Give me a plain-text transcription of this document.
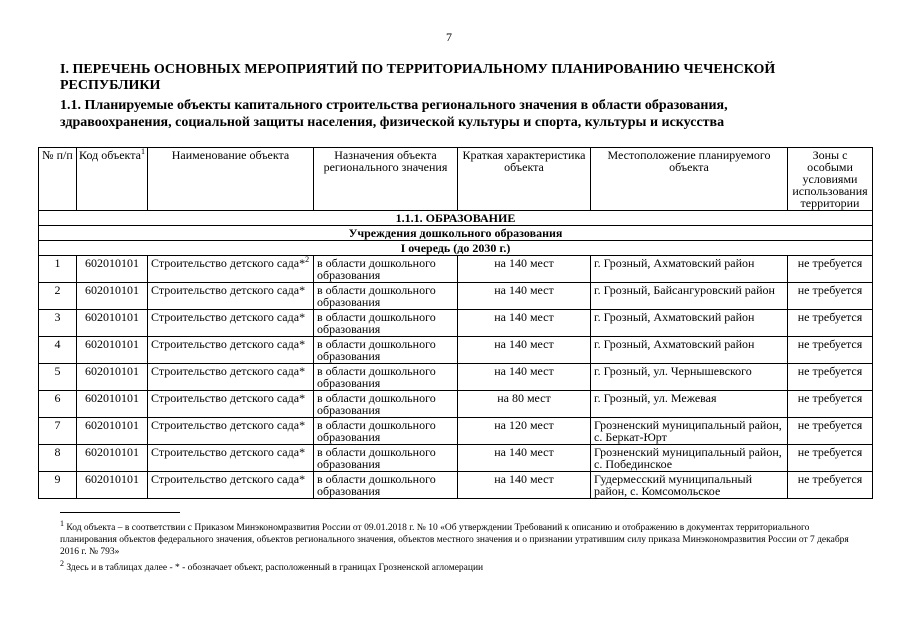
7
I. ПЕРЕЧЕНЬ ОСНОВНЫХ МЕРОПРИЯТИЙ ПО ТЕРРИТОРИАЛЬНОМУ ПЛАНИРОВАНИЮ ЧЕЧЕНСКОЙ РЕСПУБЛИКИ
1.1. Планируемые объекты капитального строительства регионального значения в области образования,
здравоохранения, социальной защиты населения, физической культуры и спорта, культуры и искусства
№ п/п	Код объекта$^1$	Наименование объекта	Назначения объекта регионального значения	Краткая характеристика объекта	Местоположение планируемого объекта	Зоны с особыми условиями использования территории
1.1.1. ОБРАЗОВАНИЕ						
Учреждения дошкольного образования						
I очередь (до 2030 г.)						
1	602010101	Строительство детского сада*$^2$	в области дошкольного образования	на 140 мест	г. Грозный, Ахматовский район	не требуется
2	602010101	Строительство детского сада*	в области дошкольного образования	на 140 мест	г. Грозный, Байсангуровский район	не требуется
3	602010101	Строительство детского сада*	в области дошкольного образования	на 140 мест	г. Грозный, Ахматовский район	не требуется
4	602010101	Строительство детского сада*	в области дошкольного образования	на 140 мест	г. Грозный, Ахматовский район	не требуется
5	602010101	Строительство детского сада*	в области дошкольного образования	на 140 мест	г. Грозный, ул. Чернышевского	не требуется
6	602010101	Строительство детского сада*	в области дошкольного образования	на 80 мест	г. Грозный, ул. Межевая	не требуется
7	602010101	Строительство детского сада*	в области дошкольного образования	на 120 мест	Грозненский муниципальный район, с. Беркат-Юрт	не требуется
8	602010101	Строительство детского сада*	в области дошкольного образования	на 140 мест	Грозненский муниципальный район, с. Побединское	не требуется
9	602010101	Строительство детского сада*	в области дошкольного образования	на 140 мест	Гудермесский муниципальный район, с. Комсомольское	не требуется
$^1$ Код объекта – в соответствии с Приказом Минэкономразвития России от 09.01.2018 г. № 10 «Об утверждении Требований к описанию и отображению в документах территориального планирования объектов федерального значения, объектов регионального значения, объектов местного значения и о признании утратившим силу приказа Минэкономразвития России от 7 декабря 2016 г. № 793»
$^2$ Здесь и в таблицах далее - * - обозначает объект, расположенный в границах Грозненской агломерации
